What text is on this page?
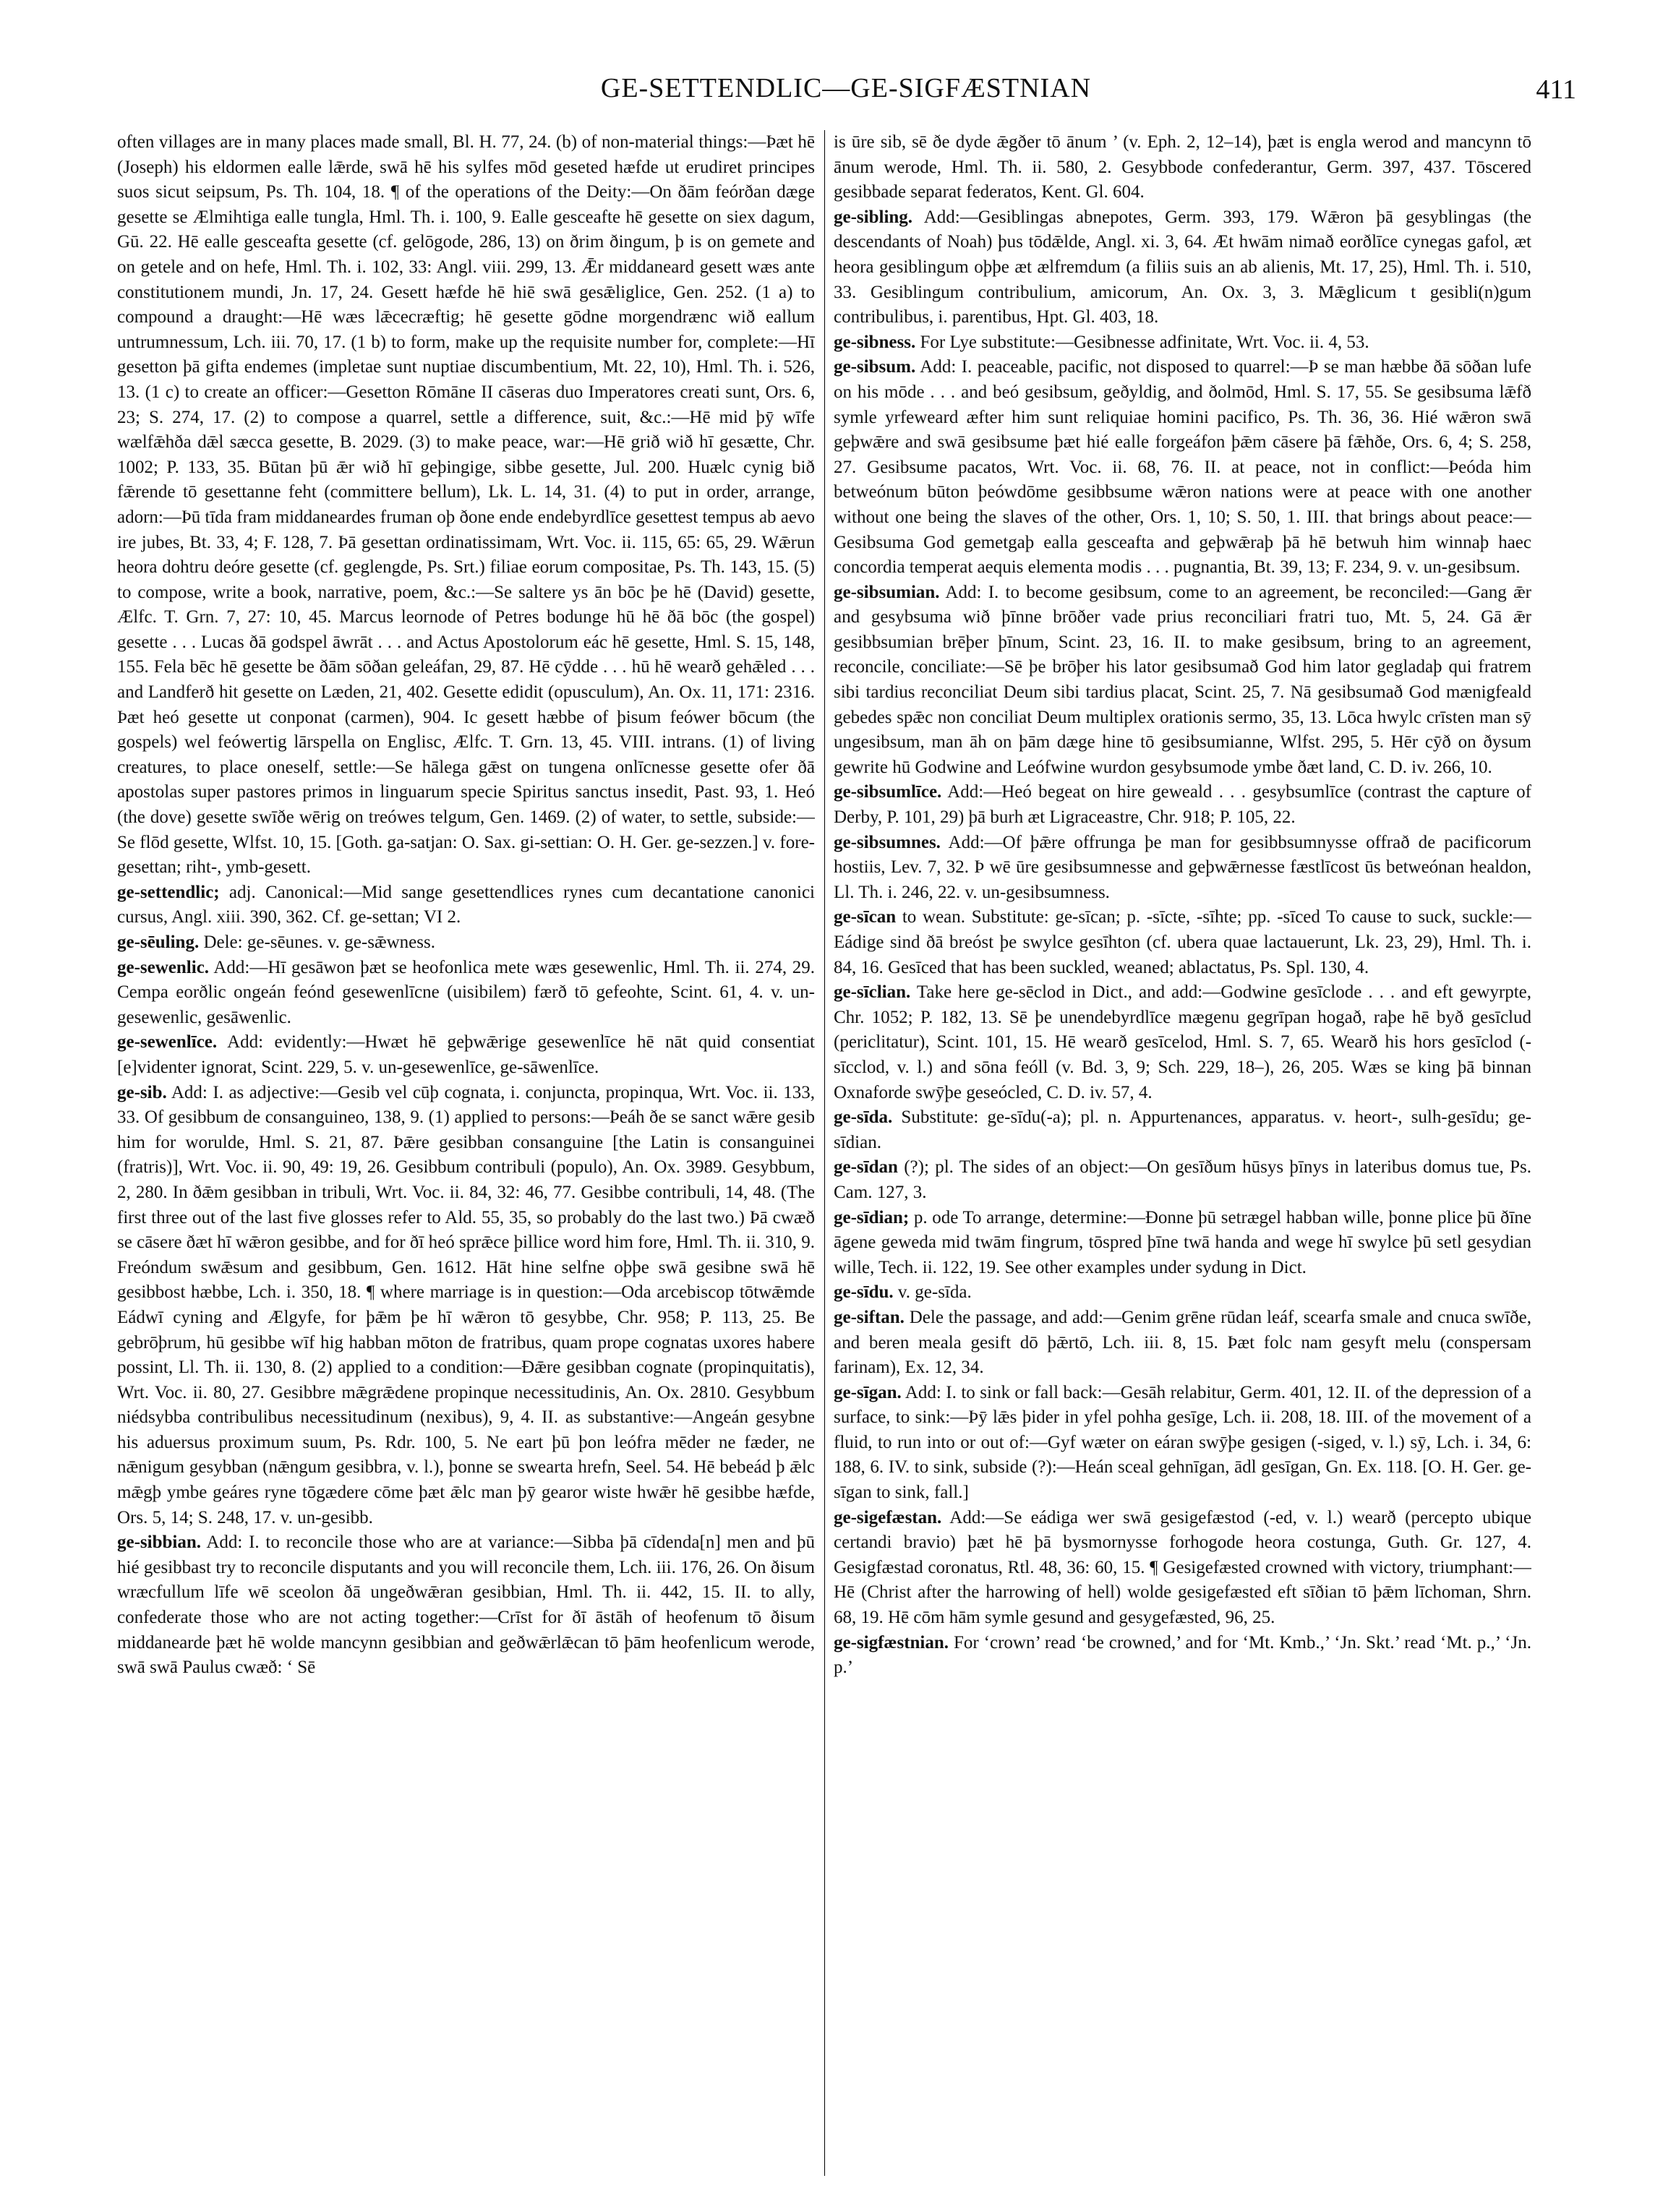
GE-SETTENDLIC—GE-SIGFÆSTNIAN	411

often villages are in many places made small, Bl. H. 77, 24. (b) of non-material things:—Þæt hē (Joseph) his eldormen ealle lǣrde, swā hē his sylfes mōd geseted hæfde ut erudiret principes suos sicut seipsum, Ps. Th. 104, 18. ¶ of the operations of the Deity:—On ðām feórðan dæge gesette se Ælmihtiga ealle tungla, Hml. Th. i. 100, 9. Ealle gesceafte hē gesette on siex dagum, Gū. 22. Hē ealle gesceafta gesette (cf. gelōgode, 286, 13) on ðrim ðingum, þ is on gemete and on getele and on hefe, Hml. Th. i. 102, 33: Angl. viii. 299, 13. Ǣr middaneard gesett wæs ante constitutionem mundi, Jn. 17, 24. Gesett hæfde hē hiē swā gesǣliglice, Gen. 252. (1 a) to compound a draught:—Hē wæs lǣcecræftig; hē gesette gōdne morgendrænc wið eallum untrumnessum, Lch. iii. 70, 17. (1 b) to form, make up the requisite number for, complete:—Hī gesetton þā gifta endemes (impletae sunt nuptiae discumbentium, Mt. 22, 10), Hml. Th. i. 526, 13. (1 c) to create an officer:—Gesetton Rōmāne II cāseras duo Imperatores creati sunt, Ors. 6, 23; S. 274, 17. (2) to compose a quarrel, settle a difference, suit, &c.:—Hē mid þȳ wīfe wælfǣhða dǣl sæcca gesette, B. 2029. (3) to make peace, war:—Hē grið wið hī gesætte, Chr. 1002; P. 133, 35. Būtan þū ǣr wið hī geþingige, sibbe gesette, Jul. 200. Huælc cynig bið fǣrende tō gesettanne feht (committere bellum), Lk. L. 14, 31. (4) to put in order, arrange, adorn:—Þū tīda fram middaneardes fruman oþ ðone ende endebyrdlīce gesettest tempus ab aevo ire jubes, Bt. 33, 4; F. 128, 7. Þā gesettan ordinatissimam, Wrt. Voc. ii. 115, 65: 65, 29. Wǣrun heora dohtru deóre gesette (cf. geglengde, Ps. Srt.) filiae eorum compositae, Ps. Th. 143, 15. (5) to compose, write a book, narrative, poem, &c.:—Se saltere ys ān bōc þe hē (David) gesette, Ælfc. T. Grn. 7, 27: 10, 45. Marcus leornode of Petres bodunge hū hē ðā bōc (the gospel) gesette . . . Lucas ðā godspel āwrāt . . . and Actus Apostolorum eác hē gesette, Hml. S. 15, 148, 155. Fela bēc hē gesette be ðām sōðan geleáfan, 29, 87. Hē cȳdde . . . hū hē wearð gehǣled . . . and Landferð hit gesette on Læden, 21, 402. Gesette edidit (opusculum), An. Ox. 11, 171: 2316. Þæt heó gesette ut conponat (carmen), 904. Ic gesett hæbbe of þisum feówer bōcum (the gospels) wel feówertig lārspella on Englisc, Ælfc. T. Grn. 13, 45. VIII. intrans. (1) of living creatures, to place oneself, settle:—Se hālega gǣst on tungena onlīcnesse gesette ofer ðā apostolas super pastores primos in linguarum specie Spiritus sanctus insedit, Past. 93, 1. Heó (the dove) gesette swīðe wērig on treówes telgum, Gen. 1469. (2) of water, to settle, subside:—Se flōd gesette, Wlfst. 10, 15. [Goth. ga-satjan: O. Sax. gi-settian: O. H. Ger. ge-sezzen.] v. fore-gesettan; riht-, ymb-gesett.

ge-settendlic; adj. Canonical:—Mid sange gesettendlices rynes cum decantatione canonici cursus, Angl. xiii. 390, 362. Cf. ge-settan; VI 2.

ge-sēuling. Dele: ge-sēunes. v. ge-sǣwness.

ge-sewenlic. Add:—Hī gesāwon þæt se heofonlica mete wæs gesewenlic, Hml. Th. ii. 274, 29. Cempa eorðlic ongeán feónd gesewenlīcne (uisibilem) færð tō gefeohte, Scint. 61, 4. v. un-gesewenlic, gesāwenlic.

ge-sewenlīce. Add: evidently:—Hwæt hē geþwǣrige gesewenlīce hē nāt quid consentiat [e]videnter ignorat, Scint. 229, 5. v. un-gesewenlīce, ge-sāwenlīce.

ge-sib. Add: I. as adjective:—Gesib vel cūþ cognata, i. conjuncta, propinqua, Wrt. Voc. ii. 133, 33. Of gesibbum de consanguineo, 138, 9. (1) applied to persons:—Þeáh ðe se sanct wǣre gesib him for worulde, Hml. S. 21, 87. Þǣre gesibban consanguine [the Latin is consanguinei (fratris)], Wrt. Voc. ii. 90, 49: 19, 26. Gesibbum contribuli (populo), An. Ox. 3989. Gesybbum, 2, 280. In ðǣm gesibban in tribuli, Wrt. Voc. ii. 84, 32: 46, 77. Gesibbe contribuli, 14, 48. (The first three out of the last five glosses refer to Ald. 55, 35, so probably do the last two.) Þā cwæð se cāsere ðæt hī wǣron gesibbe, and for ðī heó sprǣce þillice word him fore, Hml. Th. ii. 310, 9. Freóndum swǣsum and gesibbum, Gen. 1612. Hāt hine selfne oþþe swā gesibne swā hē gesibbost hæbbe, Lch. i. 350, 18. ¶ where marriage is in question:—Oda arcebiscop tōtwǣmde Eádwī cyning and Ælgyfe, for þǣm þe hī wǣron tō gesybbe, Chr. 958; P. 113, 25. Be gebrōþrum, hū gesibbe wīf hig habban mōton de fratribus, quam prope cognatas uxores habere possint, Ll. Th. ii. 130, 8. (2) applied to a condition:—Ðǣre gesibban cognate (propinquitatis), Wrt. Voc. ii. 80, 27. Gesibbre mǣgrǣdene propinque necessitudinis, An. Ox. 2810. Gesybbum niédsybba contribulibus necessitudinum (nexibus), 9, 4. II. as substantive:—Angeán gesybne his aduersus proximum suum, Ps. Rdr. 100, 5. Ne eart þū þon leófra mēder ne fæder, ne nǣnigum gesybban (nǣngum gesibbra, v. l.), þonne se swearta hrefn, Seel. 54. Hē bebeád þ ǣlc mǣgþ ymbe geáres ryne tōgædere cōme þæt ǣlc man þȳ gearor wiste hwǣr hē gesibbe hæfde, Ors. 5, 14; S. 248, 17. v. un-gesibb.

ge-sibbian. Add: I. to reconcile those who are at variance:—Sibba þā cīdenda[n] men and þū hié gesibbast try to reconcile disputants and you will reconcile them, Lch. iii. 176, 26. On ðisum wræcfullum līfe wē sceolon ðā ungeðwǣran gesibbian, Hml. Th. ii. 442, 15. II. to ally, confederate those who are not acting together:—Crīst for ðī āstāh of heofenum tō ðisum middanearde þæt hē wolde mancynn gesibbian and geðwǣrlǣcan tō þām heofenlicum werode, swā swā Paulus cwæð: ‘ Sē

is ūre sib, sē ðe dyde ǣgðer tō ānum ’ (v. Eph. 2, 12–14), þæt is engla werod and mancynn tō ānum werode, Hml. Th. ii. 580, 2. Gesybbode confederantur, Germ. 397, 437. Tōscered gesibbade separat federatos, Kent. Gl. 604.

ge-sibling. Add:—Gesiblingas abnepotes, Germ. 393, 179. Wǣron þā gesyblingas (the descendants of Noah) þus tōdǣlde, Angl. xi. 3, 64. Æt hwām nimað eorðlīce cynegas gafol, æt heora gesiblingum oþþe æt ælfremdum (a filiis suis an ab alienis, Mt. 17, 25), Hml. Th. i. 510, 33. Gesiblingum contribulium, amicorum, An. Ox. 3, 3. Mǣglicum t gesibli(n)gum contribulibus, i. parentibus, Hpt. Gl. 403, 18.

ge-sibness. For Lye substitute:—Gesibnesse adfinitate, Wrt. Voc. ii. 4, 53.

ge-sibsum. Add: I. peaceable, pacific, not disposed to quarrel:—Þ se man hæbbe ðā sōðan lufe on his mōde . . . and beó gesibsum, geðyldig, and ðolmōd, Hml. S. 17, 55. Se gesibsuma lǣfð symle yrfeweard æfter him sunt reliquiae homini pacifico, Ps. Th. 36, 36. Hié wǣron swā geþwǣre and swā gesibsume þæt hié ealle forgeáfon þǣm cāsere þā fǣhðe, Ors. 6, 4; S. 258, 27. Gesibsume pacatos, Wrt. Voc. ii. 68, 76. II. at peace, not in conflict:—Þeóda him betweónum būton þeówdōme gesibbsume wǣron nations were at peace with one another without one being the slaves of the other, Ors. 1, 10; S. 50, 1. III. that brings about peace:—Gesibsuma God gemetgaþ ealla gesceafta and geþwǣraþ þā hē betwuh him winnaþ haec concordia temperat aequis elementa modis . . . pugnantia, Bt. 39, 13; F. 234, 9. v. un-gesibsum.

ge-sibsumian. Add: I. to become gesibsum, come to an agreement, be reconciled:—Gang ǣr and gesybsuma wið þīnne brōðer vade prius reconciliari fratri tuo, Mt. 5, 24. Gā ǣr gesibbsumian brēþer þīnum, Scint. 23, 16. II. to make gesibsum, bring to an agreement, reconcile, conciliate:—Sē þe brōþer his lator gesibsumað God him lator gegladaþ qui fratrem sibi tardius reconciliat Deum sibi tardius placat, Scint. 25, 7. Nā gesibsumað God mænigfeald gebedes spǣc non conciliat Deum multiplex orationis sermo, 35, 13. Lōca hwylc crīsten man sȳ ungesibsum, man āh on þām dæge hine tō gesibsumianne, Wlfst. 295, 5. Hēr cȳð on ðysum gewrite hū Godwine and Leófwine wurdon gesybsumode ymbe ðæt land, C. D. iv. 266, 10.

ge-sibsumlīce. Add:—Heó begeat on hire geweald . . . gesybsumlīce (contrast the capture of Derby, P. 101, 29) þā burh æt Ligraceastre, Chr. 918; P. 105, 22.

ge-sibsumnes. Add:—Of þǣre offrunga þe man for gesibbsumnysse offrað de pacificorum hostiis, Lev. 7, 32. Þ wē ūre gesibsumnesse and geþwǣrnesse fæstlīcost ūs betweónan healdon, Ll. Th. i. 246, 22. v. un-gesibsumness.

ge-sīcan to wean. Substitute: ge-sīcan; p. -sīcte, -sīhte; pp. -sīced To cause to suck, suckle:—Eádige sind ðā breóst þe swylce gesīhton (cf. ubera quae lactauerunt, Lk. 23, 29), Hml. Th. i. 84, 16. Gesīced that has been suckled, weaned; ablactatus, Ps. Spl. 130, 4.

ge-sīclian. Take here ge-sēclod in Dict., and add:—Godwine gesīclode . . . and eft gewyrpte, Chr. 1052; P. 182, 13. Sē þe unendebyrdlīce mægenu gegrīpan hogað, raþe hē byð gesīclud (periclitatur), Scint. 101, 15. Hē wearð gesīcelod, Hml. S. 7, 65. Wearð his hors gesīclod (-sīcclod, v. l.) and sōna feóll (v. Bd. 3, 9; Sch. 229, 18–), 26, 205. Wæs se king þā binnan Oxnaforde swȳþe geseócled, C. D. iv. 57, 4.

ge-sīda. Substitute: ge-sīdu(-a); pl. n. Appurtenances, apparatus. v. heort-, sulh-gesīdu; ge-sīdian.

ge-sīdan (?); pl. The sides of an object:—On gesīðum hūsys þīnys in lateribus domus tue, Ps. Cam. 127, 3.

ge-sīdian; p. ode To arrange, determine:—Ðonne þū setrægel habban wille, þonne plice þū ðīne āgene geweda mid twām fingrum, tōspred þīne twā handa and wege hī swylce þū setl gesydian wille, Tech. ii. 122, 19. See other examples under sydung in Dict.

ge-sīdu. v. ge-sīda.

ge-siftan. Dele the passage, and add:—Genim grēne rūdan leáf, scearfa smale and cnuca swīðe, and beren meala gesift dō þǣrtō, Lch. iii. 8, 15. Þæt folc nam gesyft melu (conspersam farinam), Ex. 12, 34.

ge-sīgan. Add: I. to sink or fall back:—Gesāh relabitur, Germ. 401, 12. II. of the depression of a surface, to sink:—Þȳ lǣs þider in yfel pohha gesīge, Lch. ii. 208, 18. III. of the movement of a fluid, to run into or out of:—Gyf wæter on eáran swȳþe gesigen (-siged, v. l.) sȳ, Lch. i. 34, 6: 188, 6. IV. to sink, subside (?):—Heán sceal gehnīgan, ādl gesīgan, Gn. Ex. 118. [O. H. Ger. ge-sīgan to sink, fall.]

ge-sigefæstan. Add:—Se eádiga wer swā gesigefæstod (-ed, v. l.) wearð (percepto ubique certandi bravio) þæt hē þā bysmornysse forhogode heora costunga, Guth. Gr. 127, 4. Gesigfæstad coronatus, Rtl. 48, 36: 60, 15. ¶ Gesigefæsted crowned with victory, triumphant:—Hē (Christ after the harrowing of hell) wolde gesigefæsted eft sīðian tō þǣm līchoman, Shrn. 68, 19. Hē cōm hām symle gesund and gesygefæsted, 96, 25.

ge-sigfæstnian. For ‘crown’ read ‘be crowned,’ and for ‘Mt. Kmb.,’ ‘Jn. Skt.’ read ‘Mt. p.,’ ‘Jn. p.’
